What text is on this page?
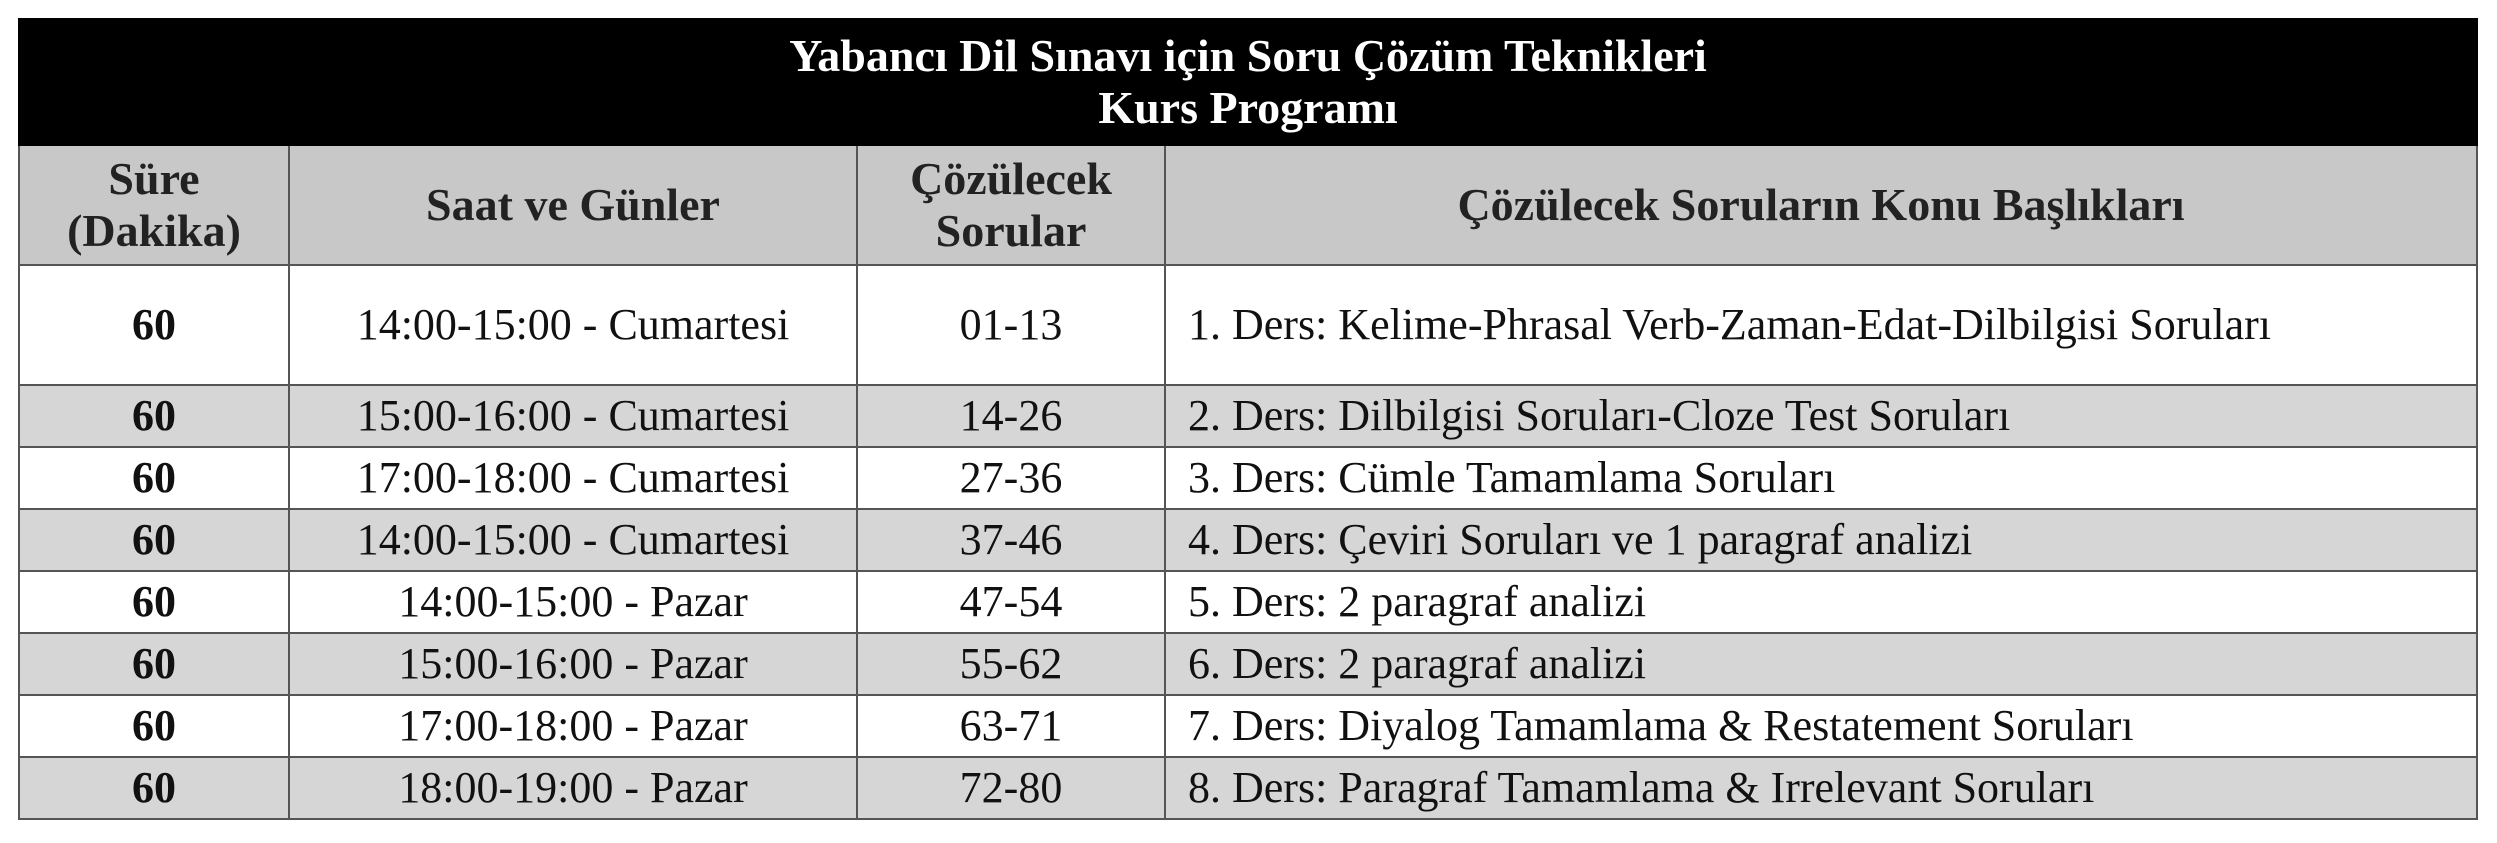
Yabancı Dil Sınavı için Soru Çözüm Teknikleri
Kurs Programı			

Süre (Dakika)	Saat ve Günler	Çözülecek Sorular	Çözülecek Soruların Konu Başlıkları
60	14:00-15:00 - Cumartesi	01-13	1. Ders: Kelime-Phrasal Verb-Zaman-Edat-Dilbilgisi Soruları
60	15:00-16:00 - Cumartesi	14-26	2. Ders: Dilbilgisi Soruları-Cloze Test Soruları
60	17:00-18:00 - Cumartesi	27-36	3. Ders: Cümle Tamamlama Soruları
60	14:00-15:00 - Cumartesi	37-46	4. Ders: Çeviri Soruları ve 1 paragraf analizi
60	14:00-15:00 - Pazar	47-54	5. Ders: 2 paragraf analizi
60	15:00-16:00 - Pazar	55-62	6. Ders: 2 paragraf analizi
60	17:00-18:00 - Pazar	63-71	7. Ders: Diyalog Tamamlama & Restatement Soruları
60	18:00-19:00 - Pazar	72-80	8. Ders: Paragraf Tamamlama & Irrelevant Soruları
